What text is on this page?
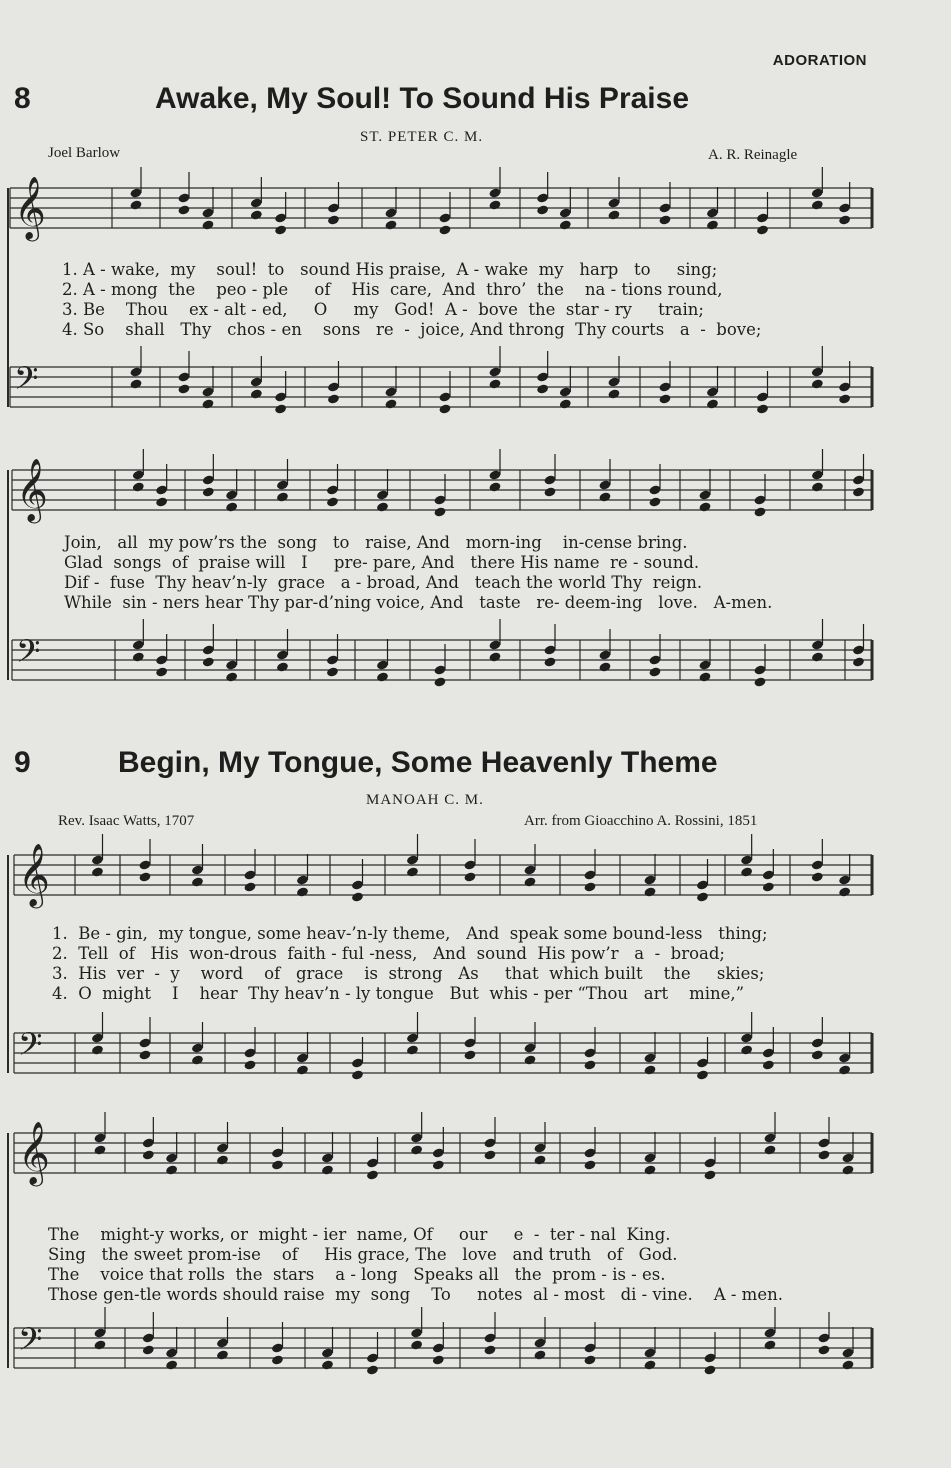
ADORATION
8	Awake, My Soul! To Sound His Praise
ST. PETER C. M.
Joel Barlow	A. R. Reinagle
1. A - wake,  my    soul!  to   sound His praise,  A - wake  my   harp   to     sing;
2. A - mong  the    peo - ple     of    His  care,  And  thro’  the    na - tions round,
3. Be    Thou    ex - alt - ed,     O     my   God!  A -  bove  the  star - ry     train;
4. So    shall   Thy   chos - en    sons   re  -  joice, And throng  Thy courts   a  -  bove;
Join,   all  my pow’rs the  song   to   raise, And   morn-ing    in-cense bring.
Glad  songs  of  praise will   I     pre- pare, And   there His name  re - sound.
Dif -  fuse  Thy heav’n-ly  grace   a - broad, And   teach the world Thy  reign.
While  sin - ners hear Thy par-d’ning voice, And   taste   re- deem-ing   love.   A-men.
9	Begin, My Tongue, Some Heavenly Theme
MANOAH C. M.
Rev. Isaac Watts, 1707	Arr. from Gioacchino A. Rossini, 1851
1.  Be - gin,  my tongue, some heav-’n-ly theme,   And  speak some bound-less   thing;
2.  Tell  of   His  won-drous  faith - ful -ness,   And  sound  His pow’r   a  -  broad;
3.  His  ver  -  y    word    of   grace    is  strong   As     that  which built    the     skies;
4.  O  might    I    hear  Thy heav’n - ly tongue   But  whis - per “Thou   art    mine,”
The    might-y works, or  might - ier  name, Of     our     e  -  ter - nal  King.
Sing   the sweet prom-ise    of     His grace, The   love   and truth   of   God.
The    voice that rolls  the  stars    a - long   Speaks all   the  prom - is - es.
Those gen-tle words should raise  my  song    To     notes  al - most   di - vine.    A - men.
𝄞
𝄢
𝄞
𝄢
𝄞
𝄢
𝄞
𝄢
